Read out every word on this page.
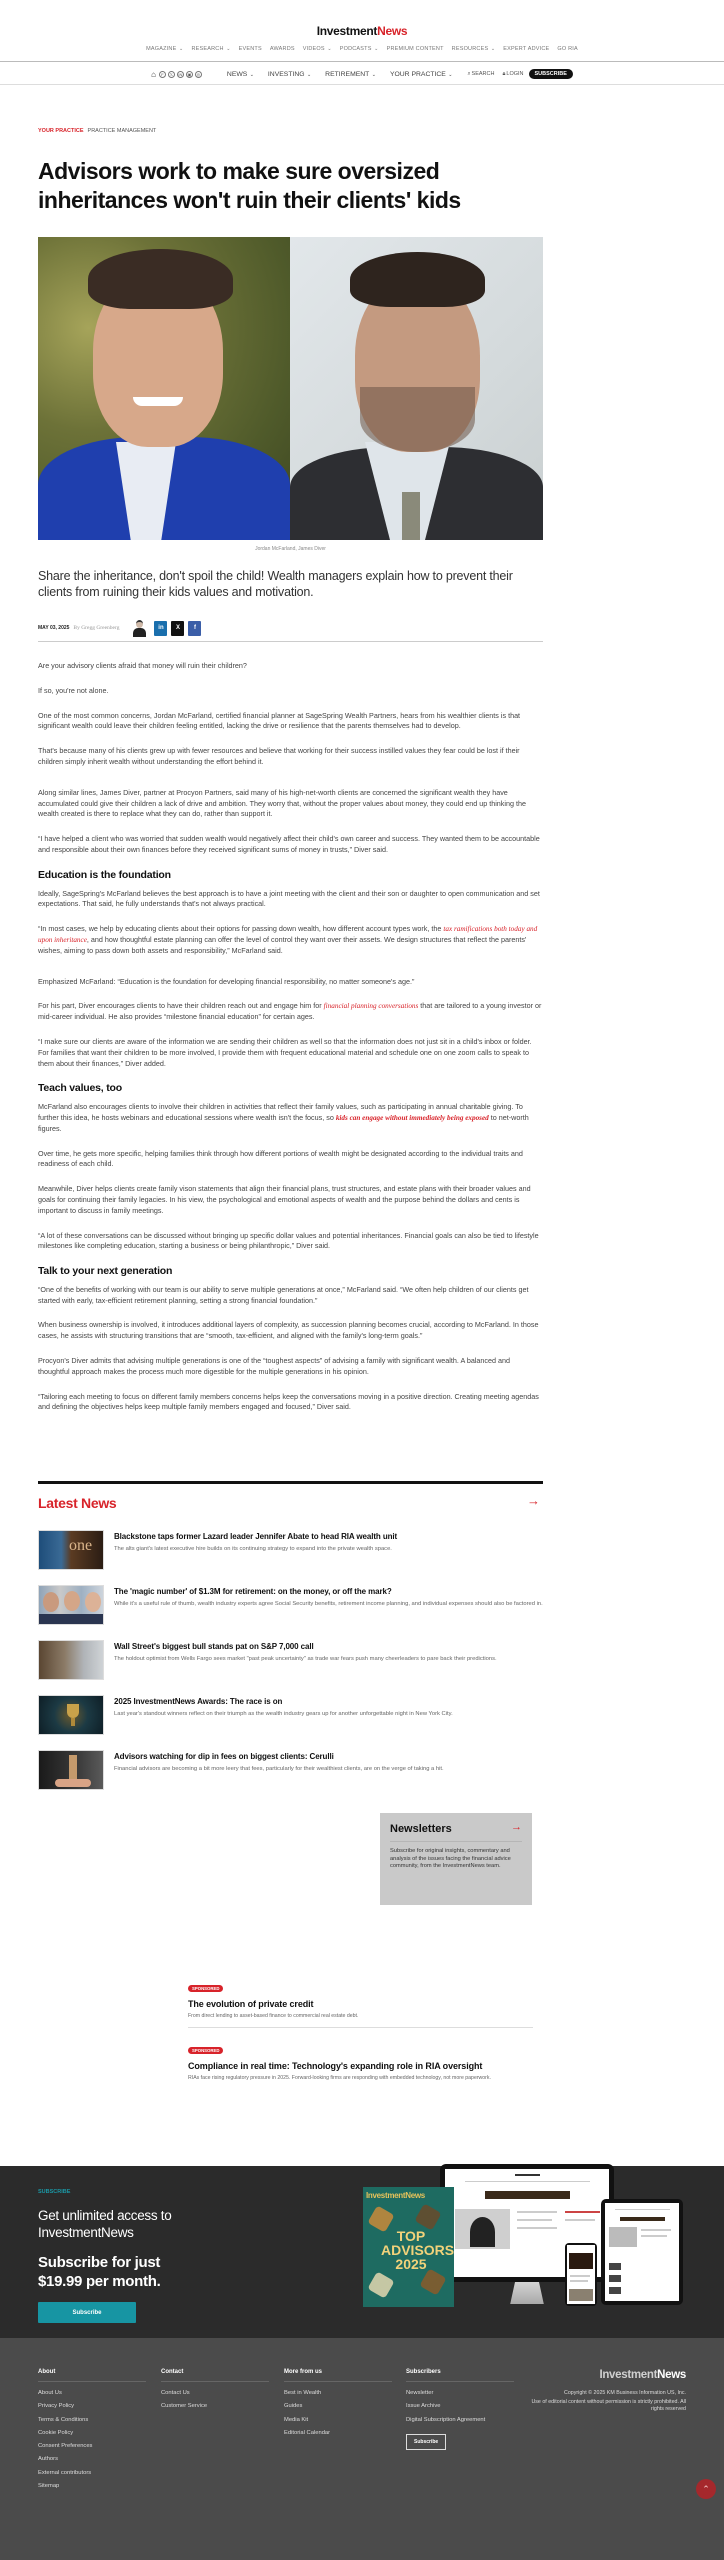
InvestmentNews
MAGAZINE ⌄ RESEARCH ⌄ EVENTS AWARDS VIDEOS ⌄ PODCASTS ⌄ PREMIUM CONTENT RESOURCES ⌄ EXPERT ADVICE GO RIA
⌂	F	𝕏	IN	▣	◎	NEWS ⌄ INVESTING ⌄ RETIREMENT ⌄ YOUR PRACTICE ⌄	⌕ SEARCH 🔒︎ LOGIN	SUBSCRIBE
YOUR PRACTICE PRACTICE MANAGEMENT
Advisors work to make sure oversized inheritances won't ruin their clients' kids
Jordan McFarland, James Diver

Share the inheritance, don't spoil the child! Wealth managers explain how to prevent their clients from ruining their kids values and motivation.

MAY 03, 2025 By Gregg Greenberg	in	X	f

Are your advisory clients afraid that money will ruin their children?

If so, you're not alone.

One of the most common concerns, Jordan McFarland, certified financial planner at SageSpring Wealth Partners, hears from his wealthier clients is that significant wealth could leave their children feeling entitled, lacking the drive or resilience that the parents themselves had to develop.

That's because many of his clients grew up with fewer resources and believe that working for their success instilled values they fear could be lost if their children simply inherit wealth without understanding the effort behind it.

Along similar lines, James Diver, partner at Procyon Partners, said many of his high-net-worth clients are concerned the significant wealth they have accumulated could give their children a lack of drive and ambition. They worry that, without the proper values about money, they could end up thinking the wealth created is there to replace what they can do, rather than support it.

“I have helped a client who was worried that sudden wealth would negatively affect their child's own career and success. They wanted them to be accountable and responsible about their own finances before they received significant sums of money in trusts,” Diver said.

Education is the foundation

Ideally, SageSpring's McFarland believes the best approach is to have a joint meeting with the client and their son or daughter to open communication and set expectations. That said, he fully understands that's not always practical.

“In most cases, we help by educating clients about their options for passing down wealth, how different account types work, the tax ramifications both today and upon inheritance, and how thoughtful estate planning can offer the level of control they want over their assets. We design structures that reflect the parents' wishes, aiming to pass down both assets and responsibility,” McFarland said.

Emphasized McFarland: “Education is the foundation for developing financial responsibility, no matter someone's age.”

For his part, Diver encourages clients to have their children reach out and engage him for financial planning conversations that are tailored to a young investor or mid-career individual. He also provides “milestone financial education” for certain ages.

“I make sure our clients are aware of the information we are sending their children as well so that the information does not just sit in a child's inbox or folder. For families that want their children to be more involved, I provide them with frequent educational material and schedule one on one zoom calls to speak to them about their finances,” Diver added.

Teach values, too

McFarland also encourages clients to involve their children in activities that reflect their family values, such as participating in annual charitable giving. To further this idea, he hosts webinars and educational sessions where wealth isn't the focus, so kids can engage without immediately being exposed to net-worth figures.

Over time, he gets more specific, helping families think through how different portions of wealth might be designated according to the individual traits and readiness of each child.

Meanwhile, Diver helps clients create family vison statements that align their financial plans, trust structures, and estate plans with their broader values and goals for continuing their family legacies. In his view, the psychological and emotional aspects of wealth and the purpose behind the dollars and cents is important to discuss in family meetings.

“A lot of these conversations can be discussed without bringing up specific dollar values and potential inheritances. Financial goals can also be tied to lifestyle milestones like completing education, starting a business or being philanthropic,” Diver said.

Talk to your next generation

“One of the benefits of working with our team is our ability to serve multiple generations at once,” McFarland said. “We often help children of our clients get started with early, tax-efficient retirement planning, setting a strong financial foundation.”

When business ownership is involved, it introduces additional layers of complexity, as succession planning becomes crucial, according to McFarland. In those cases, he assists with structuring transitions that are “smooth, tax-efficient, and aligned with the family's long-term goals.”

Procyon's Diver admits that advising multiple generations is one of the “toughest aspects” of advising a family with significant wealth. A balanced and thoughtful approach makes the process much more digestible for the multiple generations in his opinion.

“Tailoring each meeting to focus on different family members concerns helps keep the conversations moving in a positive direction. Creating meeting agendas and defining the objectives helps keep multiple family members engaged and focused,” Diver said.

Latest News	→
one
Blackstone taps former Lazard leader Jennifer Abate to head RIA wealth unit

The alts giant's latest executive hire builds on its continuing strategy to expand into the private wealth space.

The 'magic number' of $1.3M for retirement: on the money, or off the mark?

While it's a useful rule of thumb, wealth industry experts agree Social Security benefits, retirement income planning, and individual expenses should also be factored in.

Wall Street's biggest bull stands pat on S&P 7,000 call

The holdout optimist from Wells Fargo sees market "past peak uncertainty" as trade war fears push many cheerleaders to pare back their predictions.

2025 InvestmentNews Awards: The race is on

Last year's standout winners reflect on their triumph as the wealth industry gears up for another unforgettable night in New York City.

Advisors watching for dip in fees on biggest clients: Cerulli

Financial advisors are becoming a bit more leery that fees, particularly for their wealthiest clients, are on the verge of taking a hit.

Newsletters	→

Subscribe for original insights, commentary and analysis of the issues facing the financial advice community, from the InvestmentNews team.

SPONSORED
The evolution of private credit
From direct lending to asset-based finance to commercial real estate debt.
SPONSORED
Compliance in real time: Technology's expanding role in RIA oversight
RIAs face rising regulatory pressure in 2025. Forward-looking firms are responding with embedded technology, not more paperwork.
SUBSCRIBE
Get unlimited access to InvestmentNews
Subscribe for just $19.99 per month.
Subscribe
InvestmentNews
TOP ADVISORS 2025
About
About Us
Privacy Policy
Terms & Conditions
Cookie Policy
Consent Preferences
Authors
External contributors
Sitemap
Contact
Contact Us
Customer Service
More from us
Best in Wealth
Guides
Media Kit
Editorial Calendar
Subscribers
Newsletter
Issue Archive
Digital Subscription Agreement
Subscribe
InvestmentNews
Copyright © 2025 KM Business Information US, Inc.
Use of editorial content without permission is strictly prohibited. All rights reserved
⌃
